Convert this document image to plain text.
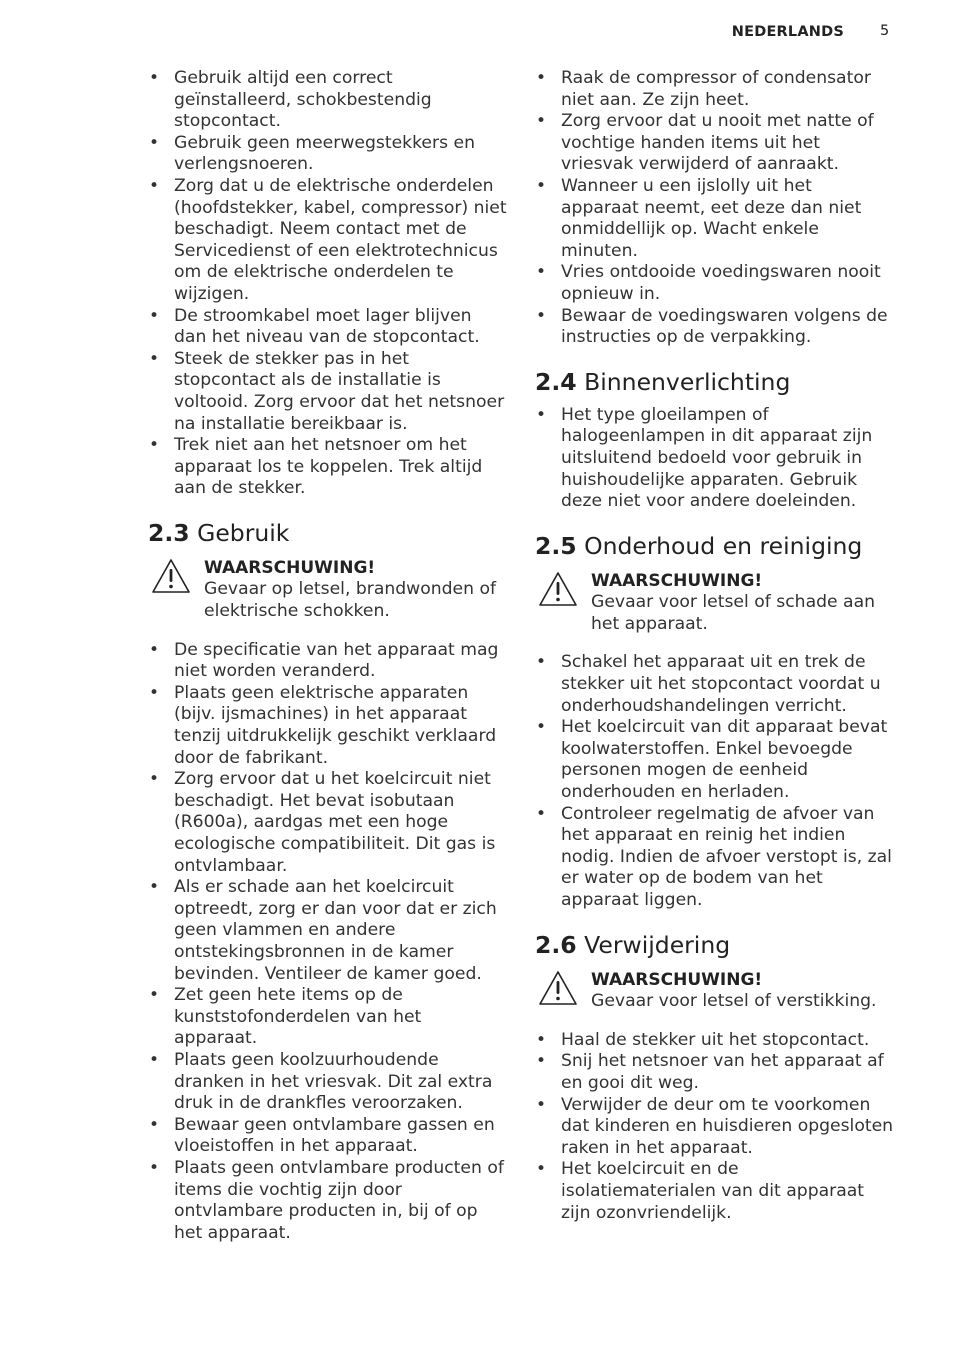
NEDERLANDS 5
• Gebruik altijd een correct geïnstalleerd, schokbestendig stopcontact.
• Gebruik geen meerwegstekkers en verlengsnoeren.
• Zorg dat u de elektrische onderdelen (hoofdstekker, kabel, compressor) niet beschadigt. Neem contact met de Servicedienst of een elektrotechnicus om de elektrische onderdelen te wijzigen.
• De stroomkabel moet lager blijven dan het niveau van de stopcontact.
• Steek de stekker pas in het stopcontact als de installatie is voltooid. Zorg ervoor dat het netsnoer na installatie bereikbaar is.
• Trek niet aan het netsnoer om het apparaat los te koppelen. Trek altijd aan de stekker.
2.3 Gebruik
WAARSCHUWING!
Gevaar op letsel, brandwonden of elektrische schokken.
• De specificatie van het apparaat mag niet worden veranderd.
• Plaats geen elektrische apparaten (bijv. ijsmachines) in het apparaat tenzij uitdrukkelijk geschikt verklaard door de fabrikant.
• Zorg ervoor dat u het koelcircuit niet beschadigt. Het bevat isobutaan (R600a), aardgas met een hoge ecologische compatibiliteit. Dit gas is ontvlambaar.
• Als er schade aan het koelcircuit optreedt, zorg er dan voor dat er zich geen vlammen en andere ontstekingsbronnen in de kamer bevinden. Ventileer de kamer goed.
• Zet geen hete items op de kunststofonderdelen van het apparaat.
• Plaats geen koolzuurhoudende dranken in het vriesvak. Dit zal extra druk in de drankfles veroorzaken.
• Bewaar geen ontvlambare gassen en vloeistoffen in het apparaat.
• Plaats geen ontvlambare producten of items die vochtig zijn door ontvlambare producten in, bij of op het apparaat.
• Raak de compressor of condensator niet aan. Ze zijn heet.
• Zorg ervoor dat u nooit met natte of vochtige handen items uit het vriesvak verwijderd of aanraakt.
• Wanneer u een ijslolly uit het apparaat neemt, eet deze dan niet onmiddellijk op. Wacht enkele minuten.
• Vries ontdooide voedingswaren nooit opnieuw in.
• Bewaar de voedingswaren volgens de instructies op de verpakking.
2.4 Binnenverlichting
• Het type gloeilampen of halogeenlampen in dit apparaat zijn uitsluitend bedoeld voor gebruik in huishoudelijke apparaten. Gebruik deze niet voor andere doeleinden.
2.5 Onderhoud en reiniging
WAARSCHUWING!
Gevaar voor letsel of schade aan het apparaat.
• Schakel het apparaat uit en trek de stekker uit het stopcontact voordat u onderhoudshandelingen verricht.
• Het koelcircuit van dit apparaat bevat koolwaterstoffen. Enkel bevoegde personen mogen de eenheid onderhouden en herladen.
• Controleer regelmatig de afvoer van het apparaat en reinig het indien nodig. Indien de afvoer verstopt is, zal er water op de bodem van het apparaat liggen.
2.6 Verwijdering
WAARSCHUWING!
Gevaar voor letsel of verstikking.
• Haal de stekker uit het stopcontact.
• Snij het netsnoer van het apparaat af en gooi dit weg.
• Verwijder de deur om te voorkomen dat kinderen en huisdieren opgesloten raken in het apparaat.
• Het koelcircuit en de isolatiematerialen van dit apparaat zijn ozonvriendelijk.
